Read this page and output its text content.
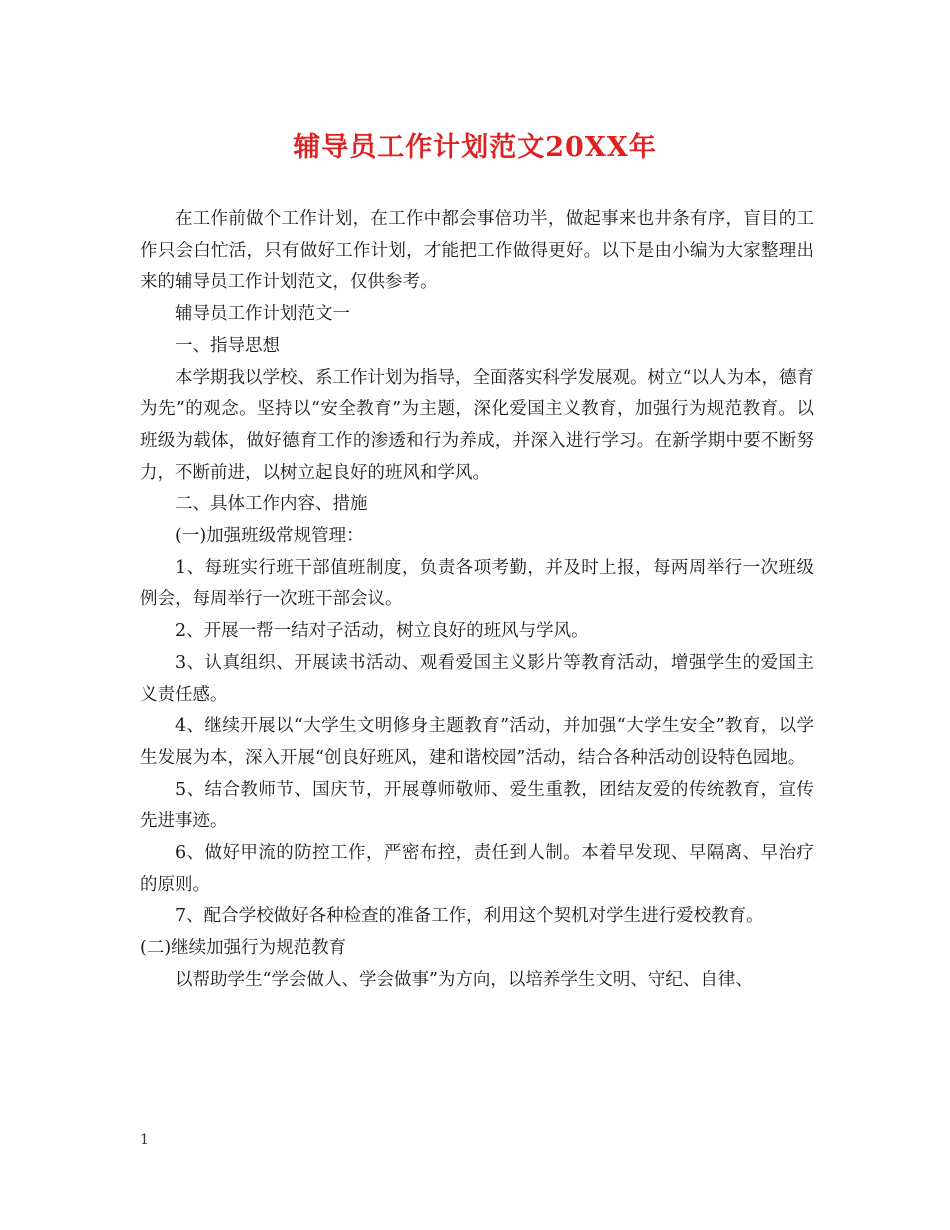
辅导员工作计划范文20XX年

在工作前做个工作计划，在工作中都会事倍功半，做起事来也井条有序，盲目的工作只会白忙活，只有做好工作计划，才能把工作做得更好。以下是由小编为大家整理出来的辅导员工作计划范文，仅供参考。

辅导员工作计划范文一

一、指导思想

本学期我以学校、系工作计划为指导，全面落实科学发展观。树立“以人为本，德育为先”的观念。坚持以“安全教育”为主题，深化爱国主义教育，加强行为规范教育。以班级为载体，做好德育工作的渗透和行为养成，并深入进行学习。在新学期中要不断努力，不断前进，以树立起良好的班风和学风。

二、具体工作内容、措施

(一)加强班级常规管理：

1、每班实行班干部值班制度，负责各项考勤，并及时上报，每两周举行一次班级例会，每周举行一次班干部会议。

2、开展一帮一结对子活动，树立良好的班风与学风。

3、认真组织、开展读书活动、观看爱国主义影片等教育活动，增强学生的爱国主义责任感。

4、继续开展以“大学生文明修身主题教育”活动，并加强“大学生安全”教育，以学生发展为本，深入开展“创良好班风，建和谐校园”活动，结合各种活动创设特色园地。

5、结合教师节、国庆节，开展尊师敬师、爱生重教，团结友爱的传统教育，宣传先进事迹。

6、做好甲流的防控工作，严密布控，责任到人制。本着早发现、早隔离、早治疗的原则。

7、配合学校做好各种检查的准备工作，利用这个契机对学生进行爱校教育。

(二)继续加强行为规范教育

以帮助学生“学会做人、学会做事”为方向，以培养学生文明、守纪、自律、

1
